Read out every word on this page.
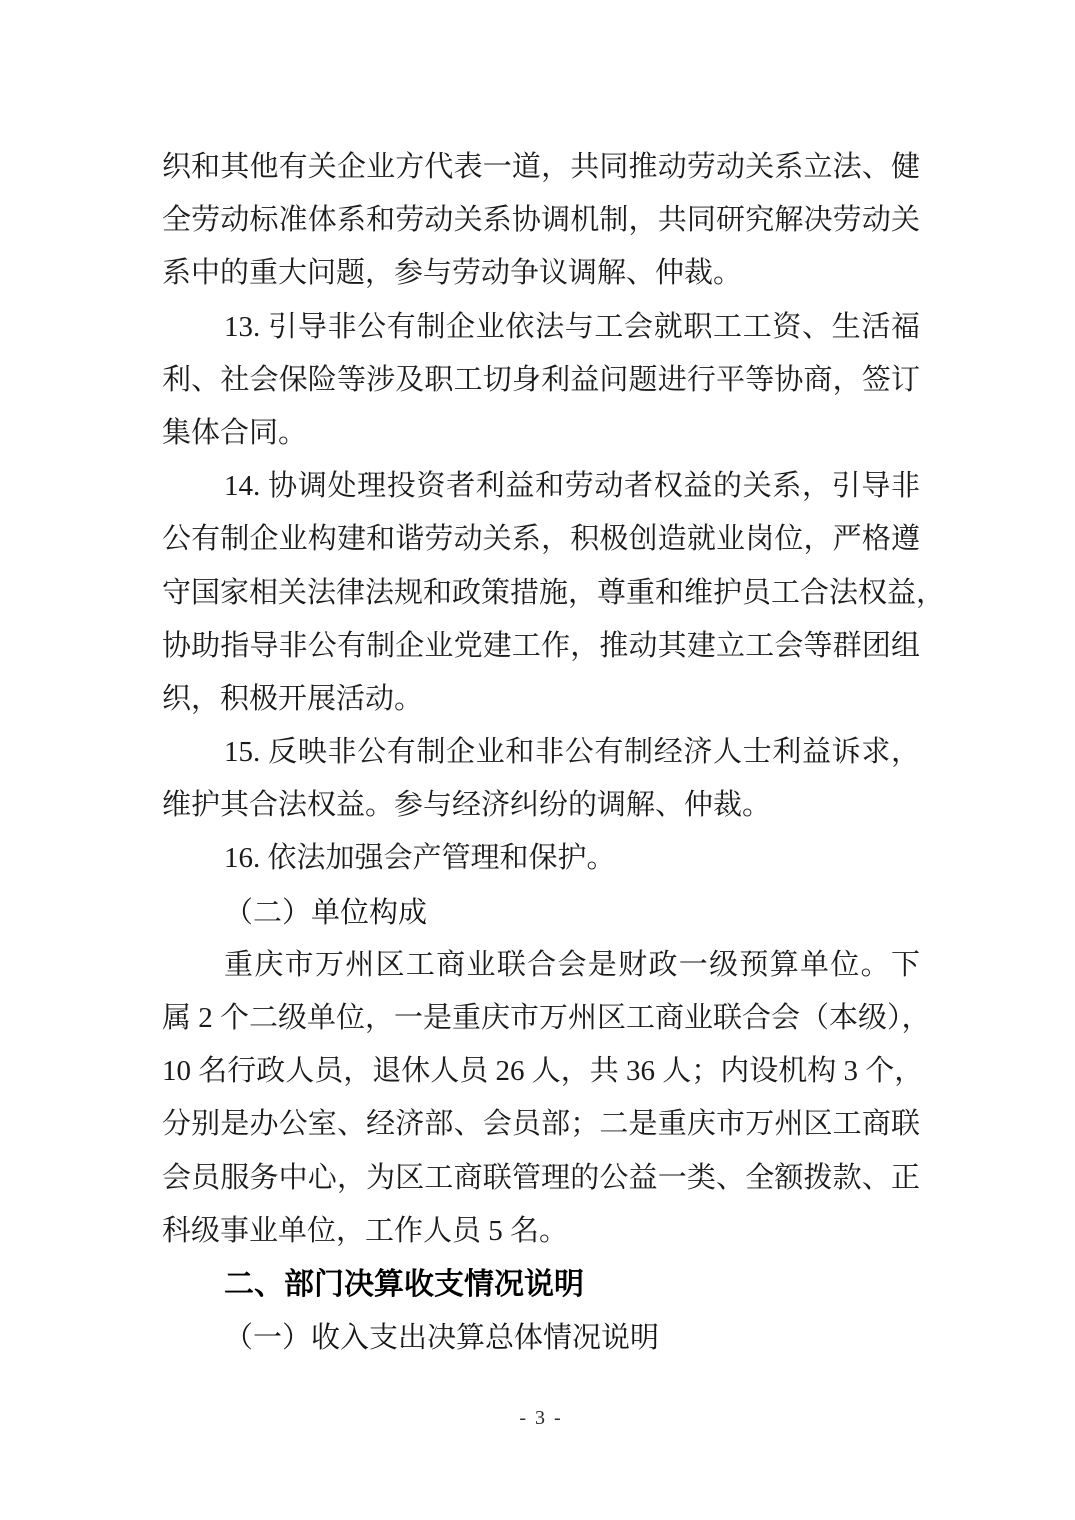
织和其他有关企业方代表一道，共同推动劳动关系立法、健
全劳动标准体系和劳动关系协调机制，共同研究解决劳动关
系中的重大问题，参与劳动争议调解、仲裁。
13. 引导非公有制企业依法与工会就职工工资、生活福
利、社会保险等涉及职工切身利益问题进行平等协商，签订
集体合同。
14. 协调处理投资者利益和劳动者权益的关系，引导非
公有制企业构建和谐劳动关系，积极创造就业岗位，严格遵
守国家相关法律法规和政策措施，尊重和维护员工合法权益，
协助指导非公有制企业党建工作，推动其建立工会等群团组
织，积极开展活动。
15. 反映非公有制企业和非公有制经济人士利益诉求，
维护其合法权益。参与经济纠纷的调解、仲裁。
16. 依法加强会产管理和保护。
（二）单位构成
重庆市万州区工商业联合会是财政一级预算单位。下
属 2 个二级单位，一是重庆市万州区工商业联合会（本级），
10 名行政人员，退休人员 26 人，共 36 人；内设机构 3 个，
分别是办公室、经济部、会员部；二是重庆市万州区工商联
会员服务中心，为区工商联管理的公益一类、全额拨款、正
科级事业单位，工作人员 5 名。
二、部门决算收支情况说明
（一）收入支出决算总体情况说明
- 3 -
